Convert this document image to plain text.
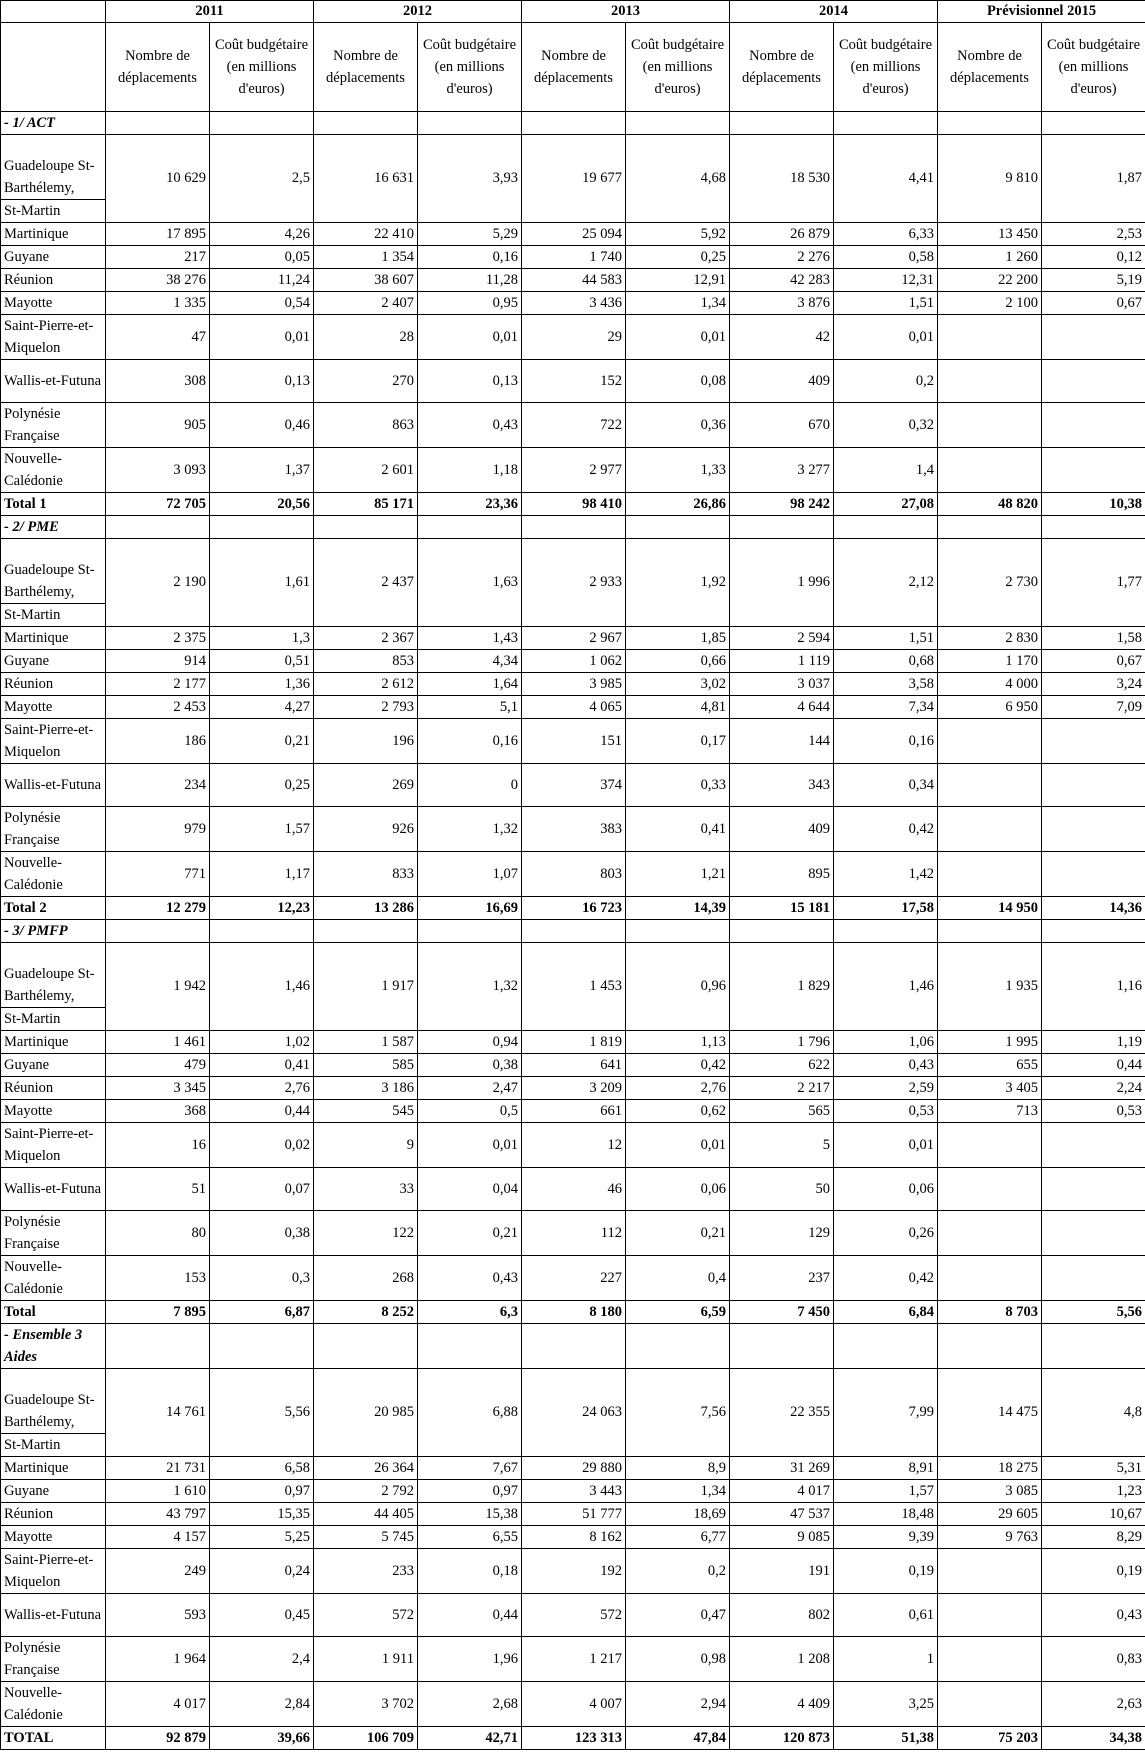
	2011		2012		2013		2014		Prévisionnel 2015	
	Nombre de déplacements	Coût budgétaire (en millions d'euros)	Nombre de déplacements	Coût budgétaire (en millions d'euros)	Nombre de déplacements	Coût budgétaire (en millions d'euros)	Nombre de déplacements	Coût budgétaire (en millions d'euros)	Nombre de déplacements	Coût budgétaire (en millions d'euros)
- 1/ ACT										

Guadeloupe St-Barthélemy,
St-Martin	10 629	2,5	16 631	3,93	19 677	4,68	18 530	4,41	9 810	1,87
Martinique	17 895	4,26	22 410	5,29	25 094	5,92	26 879	6,33	13 450	2,53
Guyane	217	0,05	1 354	0,16	1 740	0,25	2 276	0,58	1 260	0,12
Réunion	38 276	11,24	38 607	11,28	44 583	12,91	42 283	12,31	22 200	5,19
Mayotte	1 335	0,54	2 407	0,95	3 436	1,34	3 876	1,51	2 100	0,67
Saint-Pierre-et-Miquelon	47	0,01	28	0,01	29	0,01	42	0,01		
Wallis-et-Futuna	308	0,13	270	0,13	152	0,08	409	0,2		
Polynésie Française	905	0,46	863	0,43	722	0,36	670	0,32		
Nouvelle-Calédonie	3 093	1,37	2 601	1,18	2 977	1,33	3 277	1,4		
Total 1	72 705	20,56	85 171	23,36	98 410	26,86	98 242	27,08	48 820	10,38
- 2/ PME										

Guadeloupe St-Barthélemy,
St-Martin	2 190	1,61	2 437	1,63	2 933	1,92	1 996	2,12	2 730	1,77
Martinique	2 375	1,3	2 367	1,43	2 967	1,85	2 594	1,51	2 830	1,58
Guyane	914	0,51	853	4,34	1 062	0,66	1 119	0,68	1 170	0,67
Réunion	2 177	1,36	2 612	1,64	3 985	3,02	3 037	3,58	4 000	3,24
Mayotte	2 453	4,27	2 793	5,1	4 065	4,81	4 644	7,34	6 950	7,09
Saint-Pierre-et-Miquelon	186	0,21	196	0,16	151	0,17	144	0,16		
Wallis-et-Futuna	234	0,25	269	0	374	0,33	343	0,34		
Polynésie Française	979	1,57	926	1,32	383	0,41	409	0,42		
Nouvelle-Calédonie	771	1,17	833	1,07	803	1,21	895	1,42		
Total 2	12 279	12,23	13 286	16,69	16 723	14,39	15 181	17,58	14 950	14,36
- 3/ PMFP										

Guadeloupe St-Barthélemy,
St-Martin	1 942	1,46	1 917	1,32	1 453	0,96	1 829	1,46	1 935	1,16
Martinique	1 461	1,02	1 587	0,94	1 819	1,13	1 796	1,06	1 995	1,19
Guyane	479	0,41	585	0,38	641	0,42	622	0,43	655	0,44
Réunion	3 345	2,76	3 186	2,47	3 209	2,76	2 217	2,59	3 405	2,24
Mayotte	368	0,44	545	0,5	661	0,62	565	0,53	713	0,53
Saint-Pierre-et-Miquelon	16	0,02	9	0,01	12	0,01	5	0,01		
Wallis-et-Futuna	51	0,07	33	0,04	46	0,06	50	0,06		
Polynésie Française	80	0,38	122	0,21	112	0,21	129	0,26		
Nouvelle-Calédonie	153	0,3	268	0,43	227	0,4	237	0,42		
Total	7 895	6,87	8 252	6,3	8 180	6,59	7 450	6,84	8 703	5,56
- Ensemble 3 Aides										

Guadeloupe St-Barthélemy,
St-Martin	14 761	5,56	20 985	6,88	24 063	7,56	22 355	7,99	14 475	4,8
Martinique	21 731	6,58	26 364	7,67	29 880	8,9	31 269	8,91	18 275	5,31
Guyane	1 610	0,97	2 792	0,97	3 443	1,34	4 017	1,57	3 085	1,23
Réunion	43 797	15,35	44 405	15,38	51 777	18,69	47 537	18,48	29 605	10,67
Mayotte	4 157	5,25	5 745	6,55	8 162	6,77	9 085	9,39	9 763	8,29
Saint-Pierre-et-Miquelon	249	0,24	233	0,18	192	0,2	191	0,19		0,19
Wallis-et-Futuna	593	0,45	572	0,44	572	0,47	802	0,61		0,43
Polynésie Française	1 964	2,4	1 911	1,96	1 217	0,98	1 208	1		0,83
Nouvelle-Calédonie	4 017	2,84	3 702	2,68	4 007	2,94	4 409	3,25		2,63
TOTAL	92 879	39,66	106 709	42,71	123 313	47,84	120 873	51,38	75 203	34,38
